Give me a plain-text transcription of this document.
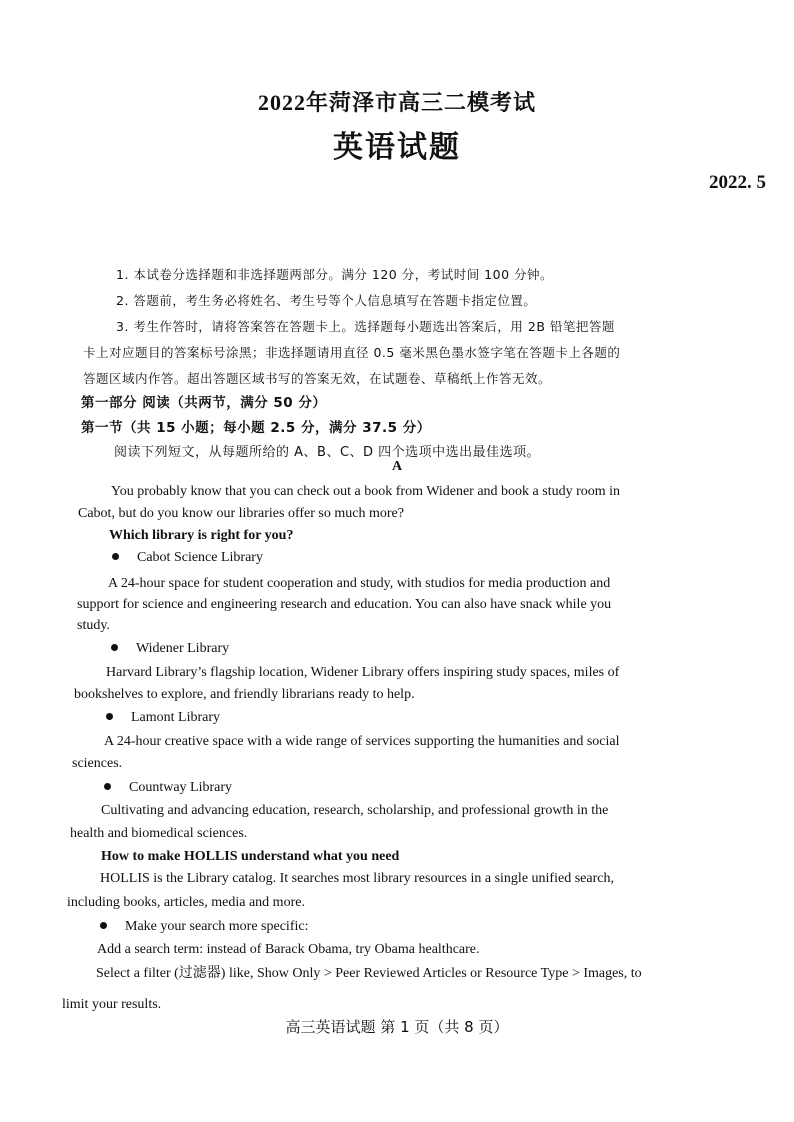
2022年菏泽市高三二模考试
英语试题
2022. 5
1. 本试卷分选择题和非选择题两部分。满分 120 分，考试时间 100 分钟。
2. 答题前，考生务必将姓名、考生号等个人信息填写在答题卡指定位置。
3. 考生作答时，请将答案答在答题卡上。选择题每小题选出答案后，用 2B 铅笔把答题
卡上对应题目的答案标号涂黑；非选择题请用直径 0.5 毫米黑色墨水签字笔在答题卡上各题的
答题区域内作答。超出答题区域书写的答案无效，在试题卷、草稿纸上作答无效。
第一部分 阅读（共两节，满分 50 分）
第一节（共 15 小题；每小题 2.5 分，满分 37.5 分）
阅读下列短文，从每题所给的 A、B、C、D 四个选项中选出最佳选项。
A
You probably know that you can check out a book from Widener and book a study room in
Cabot, but do you know our libraries offer so much more?
Which library is right for you?
Cabot Science Library
A 24-hour space for student cooperation and study, with studios for media production and
support for science and engineering research and education. You can also have snack while you
study.
Widener Library
Harvard Library’s flagship location, Widener Library offers inspiring study spaces, miles of
bookshelves to explore, and friendly librarians ready to help.
Lamont Library
A 24-hour creative space with a wide range of services supporting the humanities and social
sciences.
Countway Library
Cultivating and advancing education, research, scholarship, and professional growth in the
health and biomedical sciences.
How to make HOLLIS understand what you need
HOLLIS is the Library catalog. It searches most library resources in a single unified search,
including books, articles, media and more.
Make your search more specific:
Add a search term: instead of Barack Obama, try Obama healthcare.
Select a filter (过滤器) like, Show Only > Peer Reviewed Articles or Resource Type > Images, to
limit your results.
高三英语试题 第 1 页（共 8 页）
